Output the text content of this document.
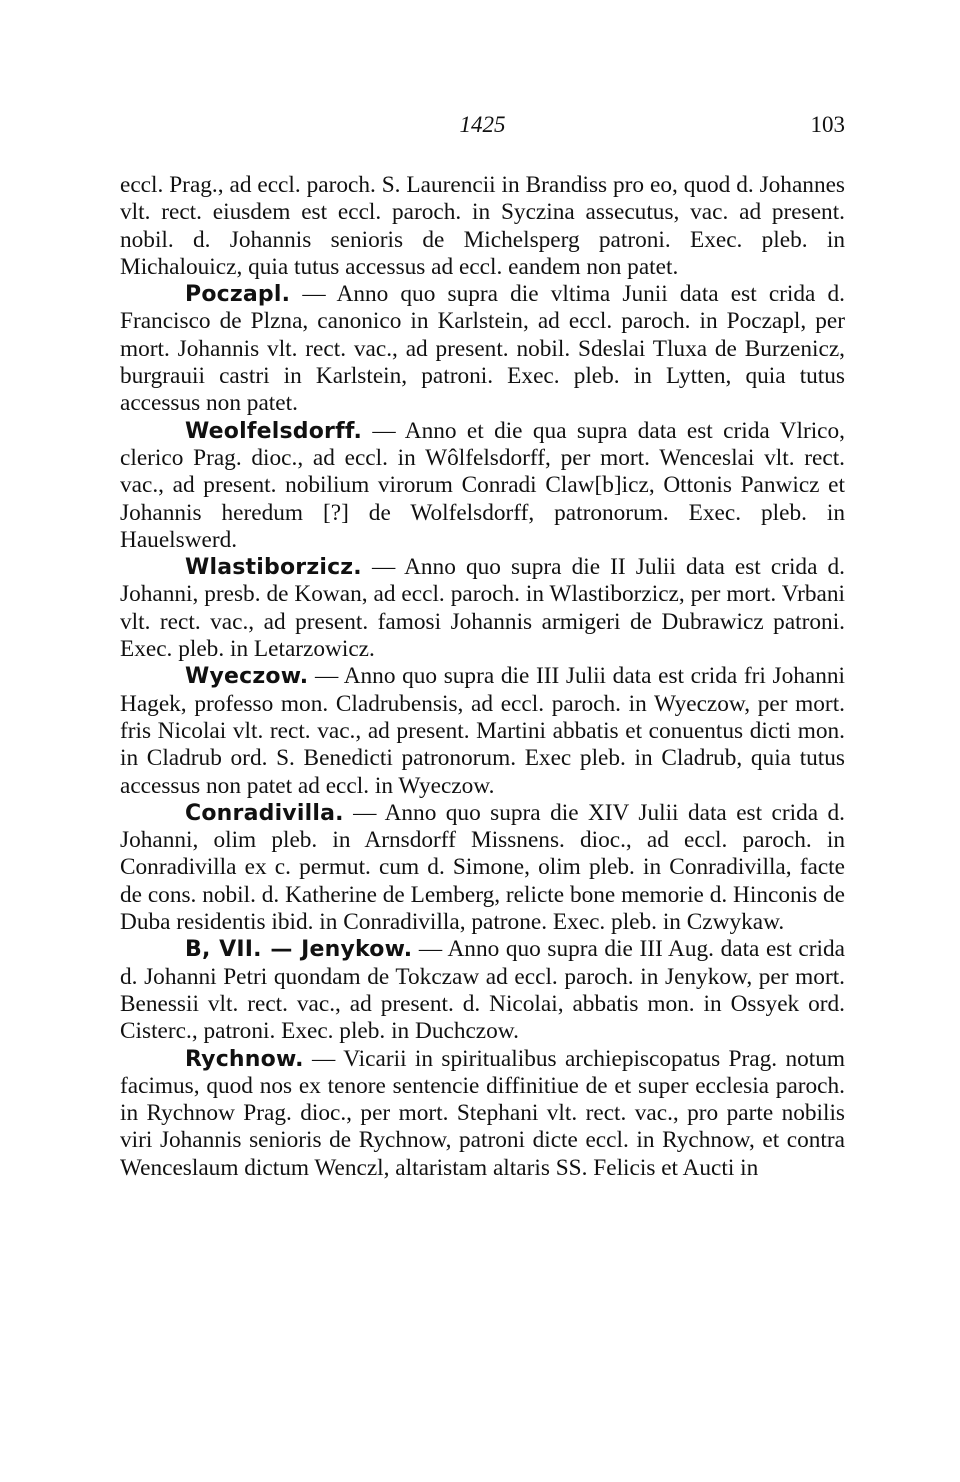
1425	103

eccl. Prag., ad eccl. paroch. S. Laurencii in Brandiss pro eo, quod d. Johannes vlt. rect. eiusdem est eccl. paroch. in Syczina assecutus, vac. ad present. nobil. d. Johannis senioris de Michelsperg patroni. Exec. pleb. in Michalouicz, quia tutus accessus ad eccl. eandem non patet.

Poczapl. — Anno quo supra die vltima Junii data est crida d. Francisco de Plzna, canonico in Karlstein, ad eccl. paroch. in Poczapl, per mort. Johannis vlt. rect. vac., ad present. nobil. Sdeslai Tluxa de Burzenicz, burgrauii castri in Karlstein, patroni. Exec. pleb. in Lytten, quia tutus accessus non patet.

Weolfelsdorff. — Anno et die qua supra data est crida Vlrico, clerico Prag. dioc., ad eccl. in Wôlfelsdorff, per mort. Wenceslai vlt. rect. vac., ad present. nobilium virorum Conradi Claw[b]icz, Ottonis Panwicz et Johannis heredum [?] de Wolfelsdorff, patronorum. Exec. pleb. in Hauelswerd.

Wlastiborzicz. — Anno quo supra die II Julii data est crida d. Johanni, presb. de Kowan, ad eccl. paroch. in Wlastiborzicz, per mort. Vrbani vlt. rect. vac., ad present. famosi Johannis armigeri de Dubrawicz patroni. Exec. pleb. in Letarzowicz.

Wyeczow. — Anno quo supra die III Julii data est crida fri Johanni Hagek, professo mon. Cladrubensis, ad eccl. paroch. in Wyeczow, per mort. fris Nicolai vlt. rect. vac., ad present. Martini abbatis et conuentus dicti mon. in Cladrub ord. S. Benedicti patronorum. Exec pleb. in Cladrub, quia tutus accessus non patet ad eccl. in Wyeczow.

Conradivilla. — Anno quo supra die XIV Julii data est crida d. Johanni, olim pleb. in Arnsdorff Missnens. dioc., ad eccl. paroch. in Conradivilla ex c. permut. cum d. Simone, olim pleb. in Conradivilla, facte de cons. nobil. d. Katherine de Lemberg, relicte bone memorie d. Hinconis de Duba residentis ibid. in Conradivilla, patrone. Exec. pleb. in Czwykaw.

B, VII. — Jenykow. — Anno quo supra die III Aug. data est crida d. Johanni Petri quondam de Tokczaw ad eccl. paroch. in Jenykow, per mort. Benessii vlt. rect. vac., ad present. d. Nicolai, abbatis mon. in Ossyek ord. Cisterc., patroni. Exec. pleb. in Duchczow.

Rychnow. — Vicarii in spiritualibus archiepiscopatus Prag. notum facimus, quod nos ex tenore sentencie diffinitiue de et super ecclesia paroch. in Rychnow Prag. dioc., per mort. Stephani vlt. rect. vac., pro parte nobilis viri Johannis senioris de Rychnow, patroni dicte eccl. in Rychnow, et contra Wenceslaum dictum Wenczl, altaristam altaris SS. Felicis et Aucti in
